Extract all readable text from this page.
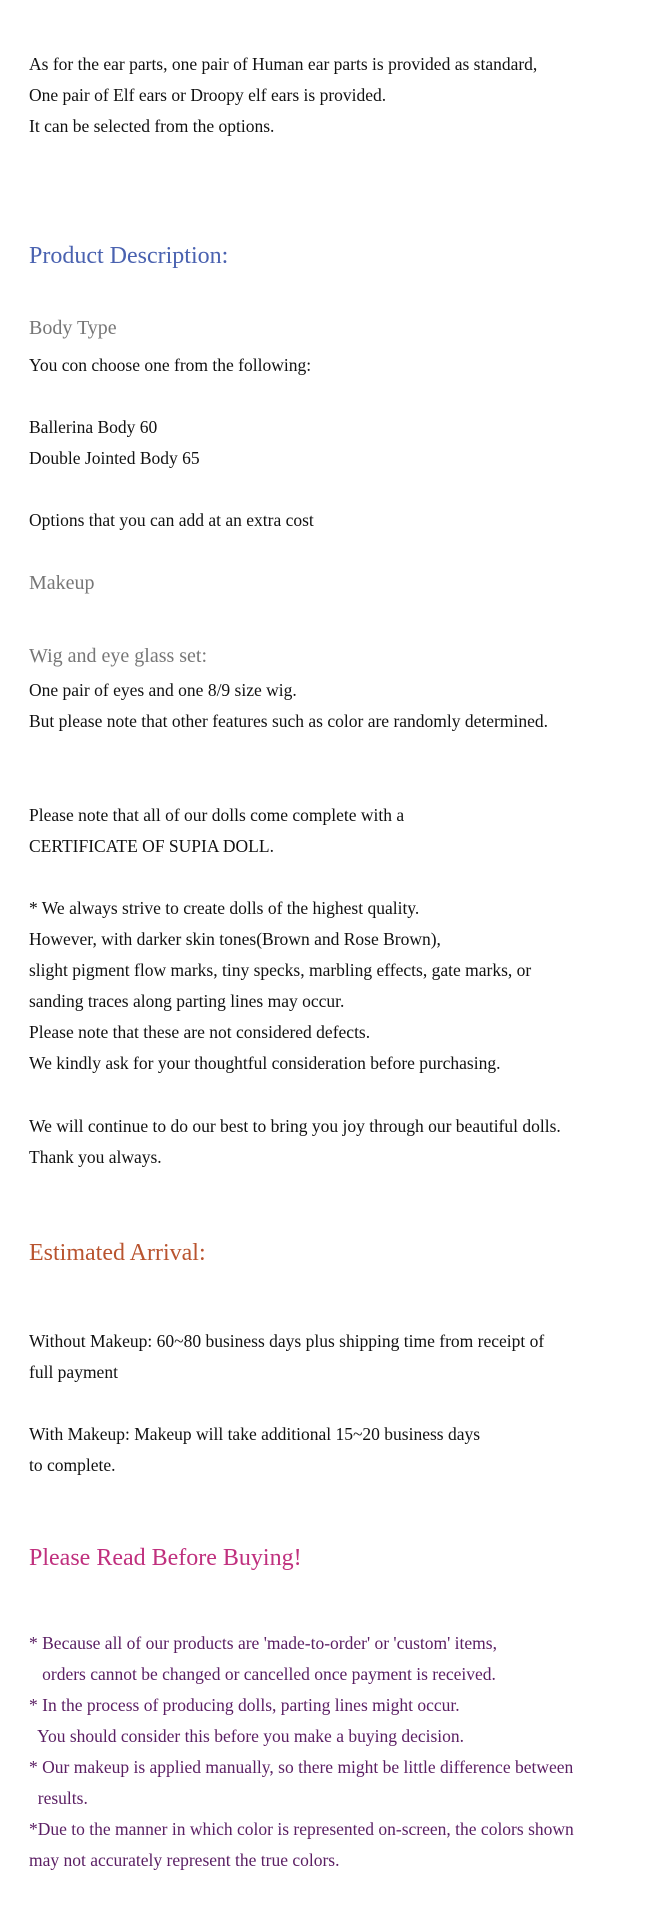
As for the ear parts, one pair of Human ear parts is provided as standard,
One pair of Elf ears or Droopy elf ears is provided.
It can be selected from the options.
Product Description:
Body Type
You con choose one from the following:
Ballerina Body 60
Double Jointed Body 65
Options that you can add at an extra cost
Makeup
Wig and eye glass set:
One pair of eyes and one 8/9 size wig.
But please note that other features such as color are randomly determined.
Please note that all of our dolls come complete with a
CERTIFICATE OF SUPIA DOLL.
* We always strive to create dolls of the highest quality.
However, with darker skin tones(Brown and Rose Brown),
slight pigment flow marks, tiny specks, marbling effects, gate marks, or
sanding traces along parting lines may occur.
Please note that these are not considered defects.
We kindly ask for your thoughtful consideration before purchasing.
We will continue to do our best to bring you joy through our beautiful dolls.
Thank you always.
Estimated Arrival:
Without Makeup: 60~80 business days plus shipping time from receipt of
full payment
With Makeup: Makeup will take additional 15~20 business days
to complete.
Please Read Before Buying!
* Because all of our products are 'made-to-order' or 'custom' items,
orders cannot be changed or cancelled once payment is received.
* In the process of producing dolls, parting lines might occur.
You should consider this before you make a buying decision.
* Our makeup is applied manually, so there might be little difference between
results.
*Due to the manner in which color is represented on-screen, the colors shown
may not accurately represent the true colors.
